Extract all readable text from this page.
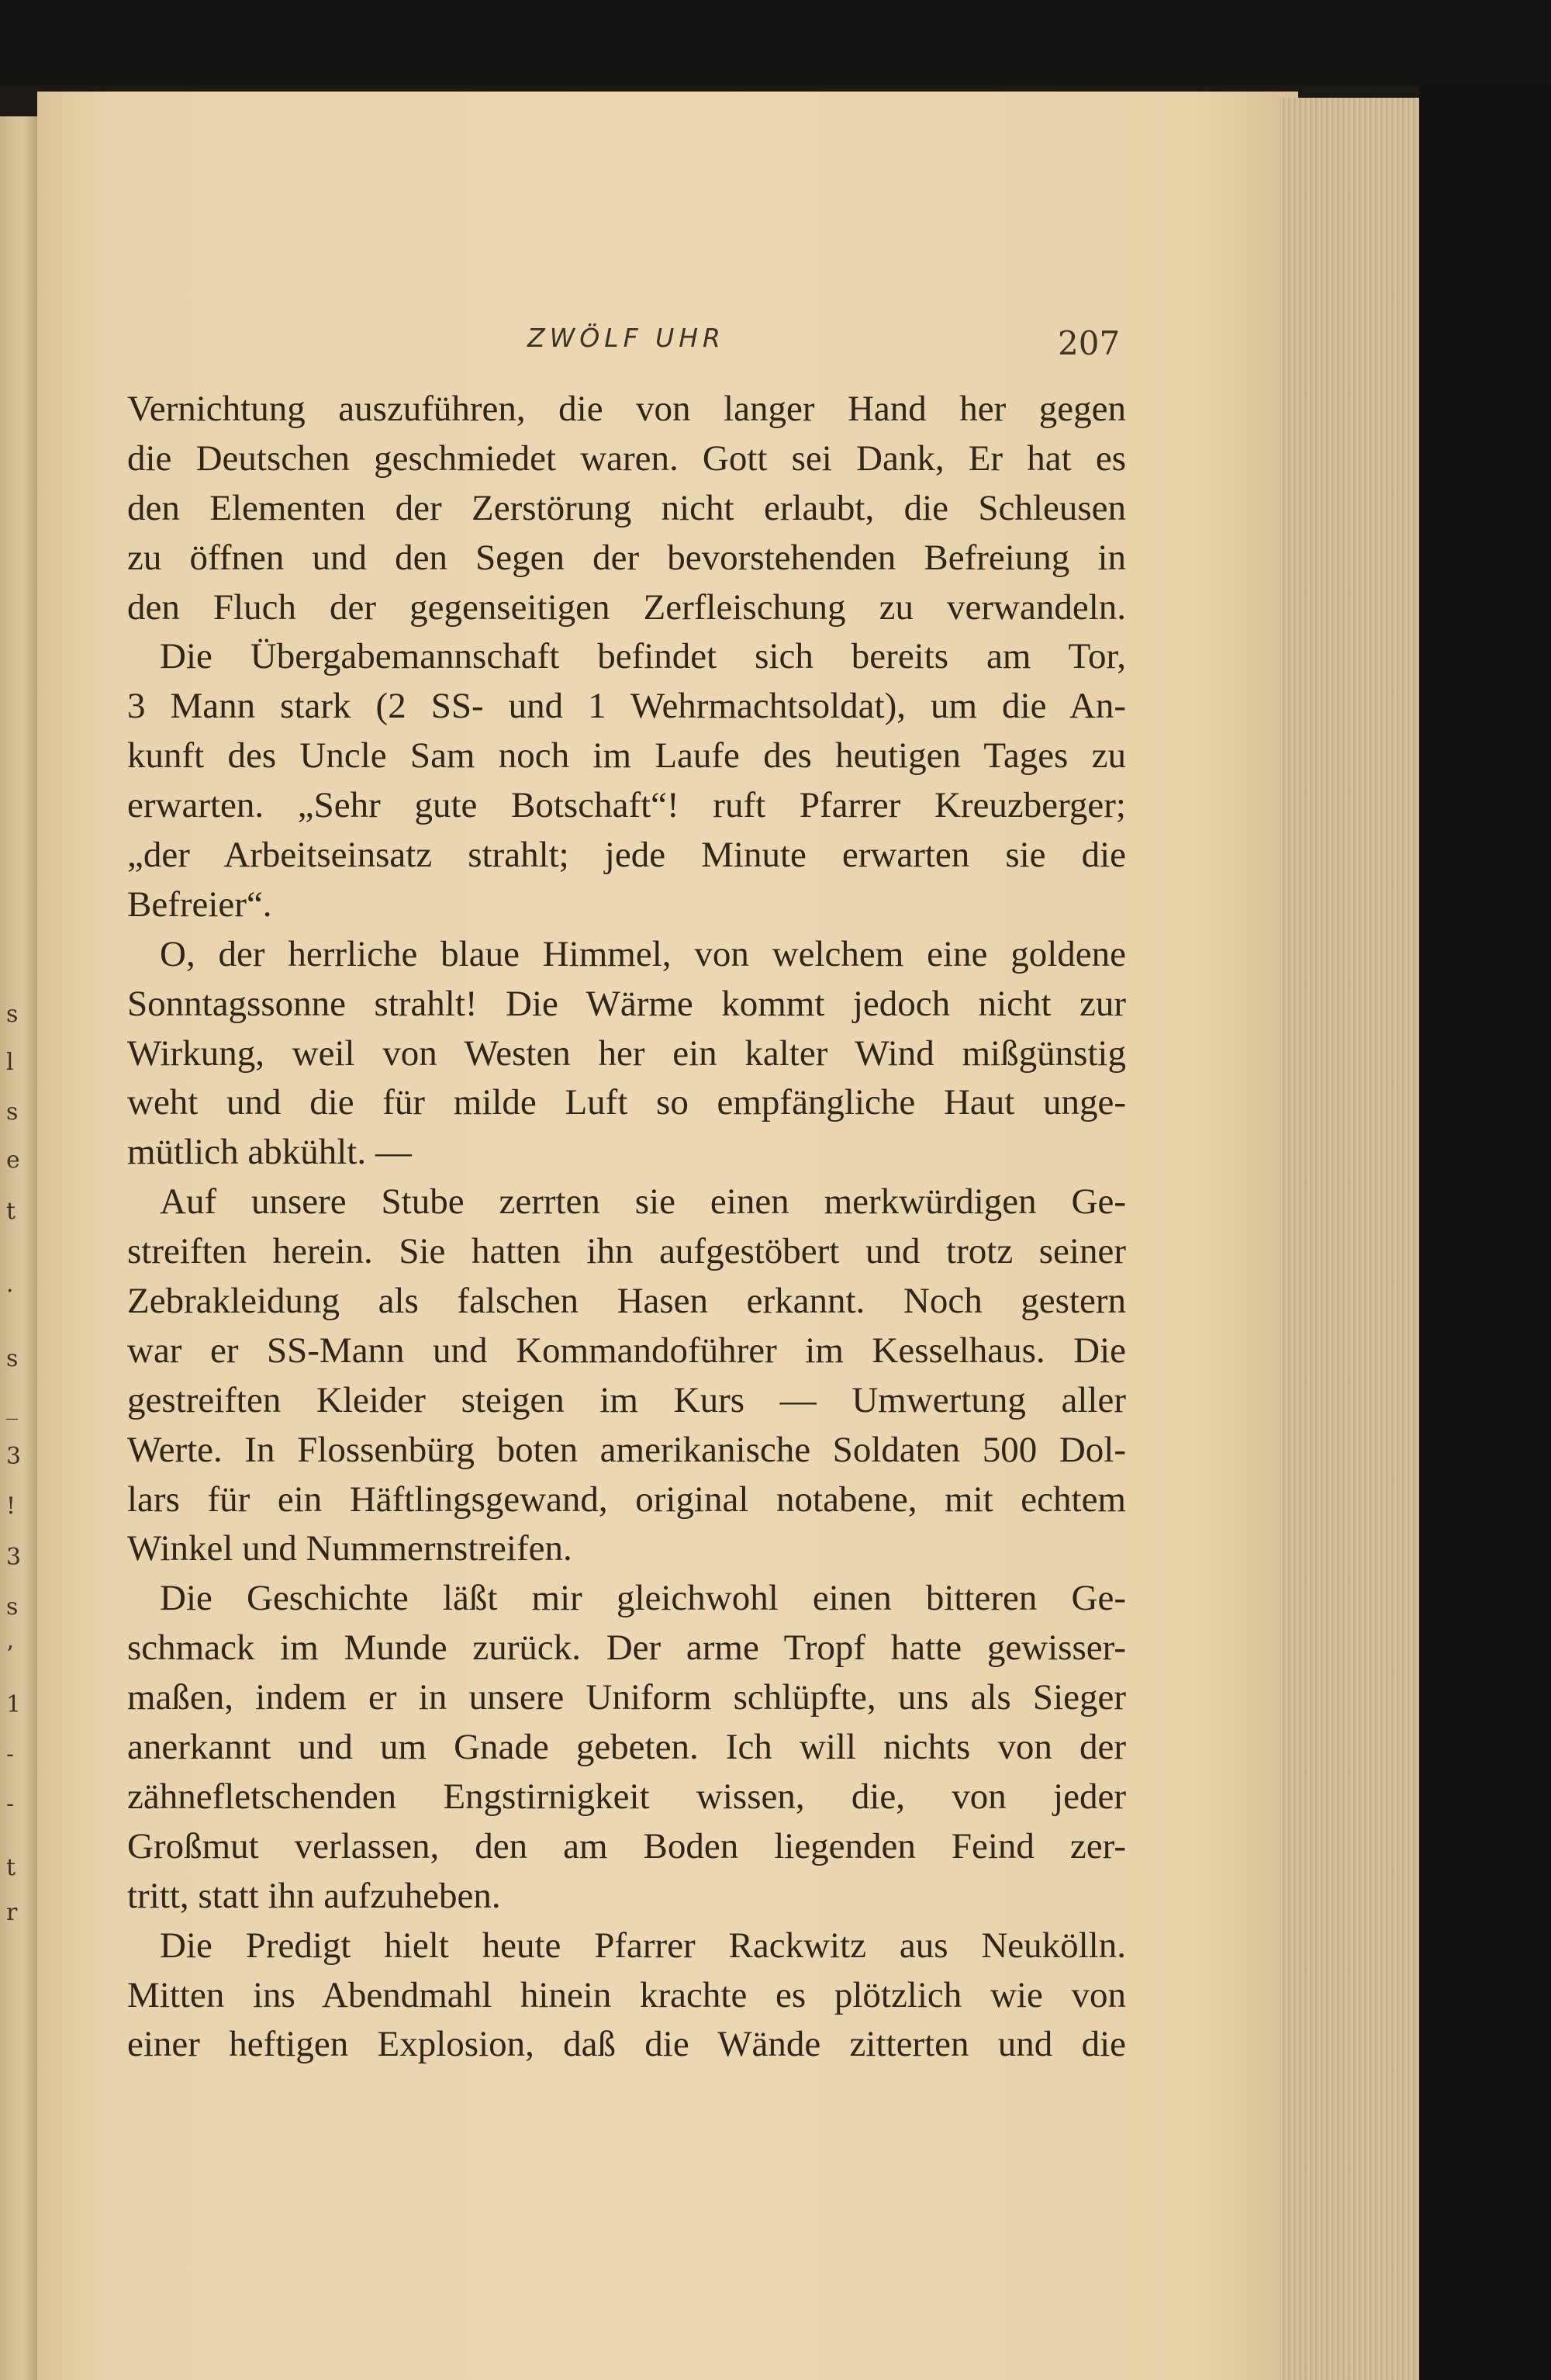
s
l
s
e
t
.
s
_
3
!
3
s
’
1
-
-
t
r
ZWÖLF UHR	207
Vernichtung auszuführen, die von langer Hand her gegen
die Deutschen geschmiedet waren. Gott sei Dank, Er hat es
den Elementen der Zerstörung nicht erlaubt, die Schleusen
zu öffnen und den Segen der bevorstehenden Befreiung in
den Fluch der gegenseitigen Zerfleischung zu verwandeln.
Die Übergabemannschaft befindet sich bereits am Tor,
3 Mann stark (2 SS- und 1 Wehrmachtsoldat), um die An-
kunft des Uncle Sam noch im Laufe des heutigen Tages zu
erwarten. „Sehr gute Botschaft“! ruft Pfarrer Kreuzberger;
„der Arbeitseinsatz strahlt; jede Minute erwarten sie die
Befreier“.
O, der herrliche blaue Himmel, von welchem eine goldene
Sonntagssonne strahlt! Die Wärme kommt jedoch nicht zur
Wirkung, weil von Westen her ein kalter Wind mißgünstig
weht und die für milde Luft so empfängliche Haut unge-
mütlich abkühlt. —
Auf unsere Stube zerrten sie einen merkwürdigen Ge-
streiften herein. Sie hatten ihn aufgestöbert und trotz seiner
Zebrakleidung als falschen Hasen erkannt. Noch gestern
war er SS-Mann und Kommandoführer im Kesselhaus. Die
gestreiften Kleider steigen im Kurs — Umwertung aller
Werte. In Flossenbürg boten amerikanische Soldaten 500 Dol-
lars für ein Häftlingsgewand, original notabene, mit echtem
Winkel und Nummernstreifen.
Die Geschichte läßt mir gleichwohl einen bitteren Ge-
schmack im Munde zurück. Der arme Tropf hatte gewisser-
maßen, indem er in unsere Uniform schlüpfte, uns als Sieger
anerkannt und um Gnade gebeten. Ich will nichts von der
zähnefletschenden Engstirnigkeit wissen, die, von jeder
Großmut verlassen, den am Boden liegenden Feind zer-
tritt, statt ihn aufzuheben.
Die Predigt hielt heute Pfarrer Rackwitz aus Neukölln.
Mitten ins Abendmahl hinein krachte es plötzlich wie von
einer heftigen Explosion, daß die Wände zitterten und die
